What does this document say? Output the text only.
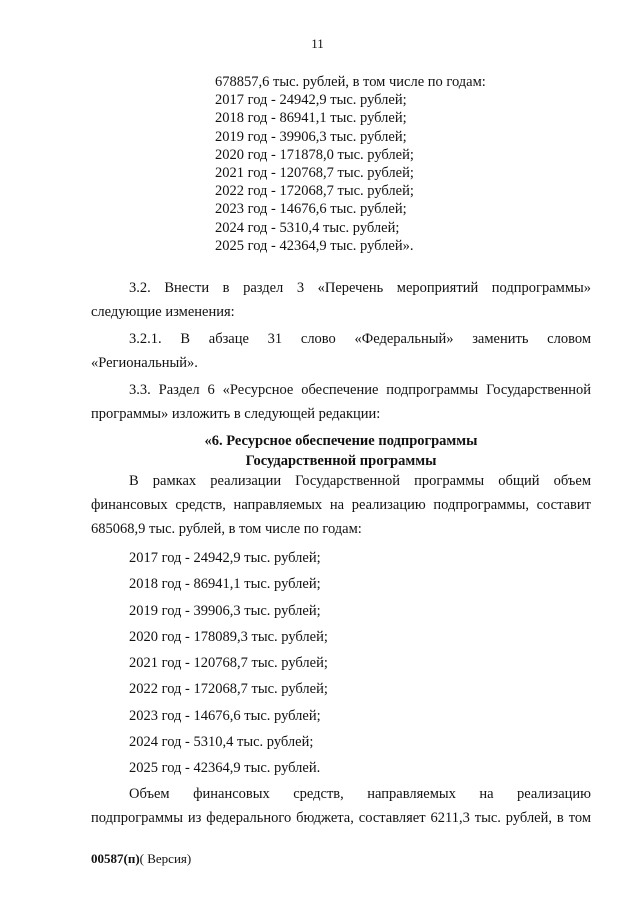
11
678857,6 тыс. рублей, в том числе по годам:
2017 год - 24942,9 тыс. рублей;
2018 год - 86941,1 тыс. рублей;
2019 год - 39906,3 тыс. рублей;
2020 год - 171878,0 тыс. рублей;
2021 год - 120768,7 тыс. рублей;
2022 год - 172068,7 тыс. рублей;
2023 год - 14676,6 тыс. рублей;
2024 год - 5310,4 тыс. рублей;
2025 год - 42364,9 тыс. рублей».
3.2. Внести в раздел 3 «Перечень мероприятий подпрограммы»
следующие изменения:
3.2.1. В абзаце 31 слово «Федеральный» заменить словом
«Региональный».
3.3. Раздел 6 «Ресурсное обеспечение подпрограммы Государственной
программы» изложить в следующей редакции:
«6. Ресурсное обеспечение подпрограммы
Государственной программы
В рамках реализации Государственной программы общий объем
финансовых средств, направляемых на реализацию подпрограммы, составит
685068,9 тыс. рублей, в том числе по годам:
2017 год - 24942,9 тыс. рублей;
2018 год - 86941,1 тыс. рублей;
2019 год - 39906,3 тыс. рублей;
2020 год - 178089,3 тыс. рублей;
2021 год - 120768,7 тыс. рублей;
2022 год - 172068,7 тыс. рублей;
2023 год - 14676,6 тыс. рублей;
2024 год - 5310,4 тыс. рублей;
2025 год - 42364,9 тыс. рублей.
Объем финансовых средств, направляемых на реализацию
подпрограммы из федерального бюджета, составляет 6211,3 тыс. рублей, в том
00587(п)( Версия)
